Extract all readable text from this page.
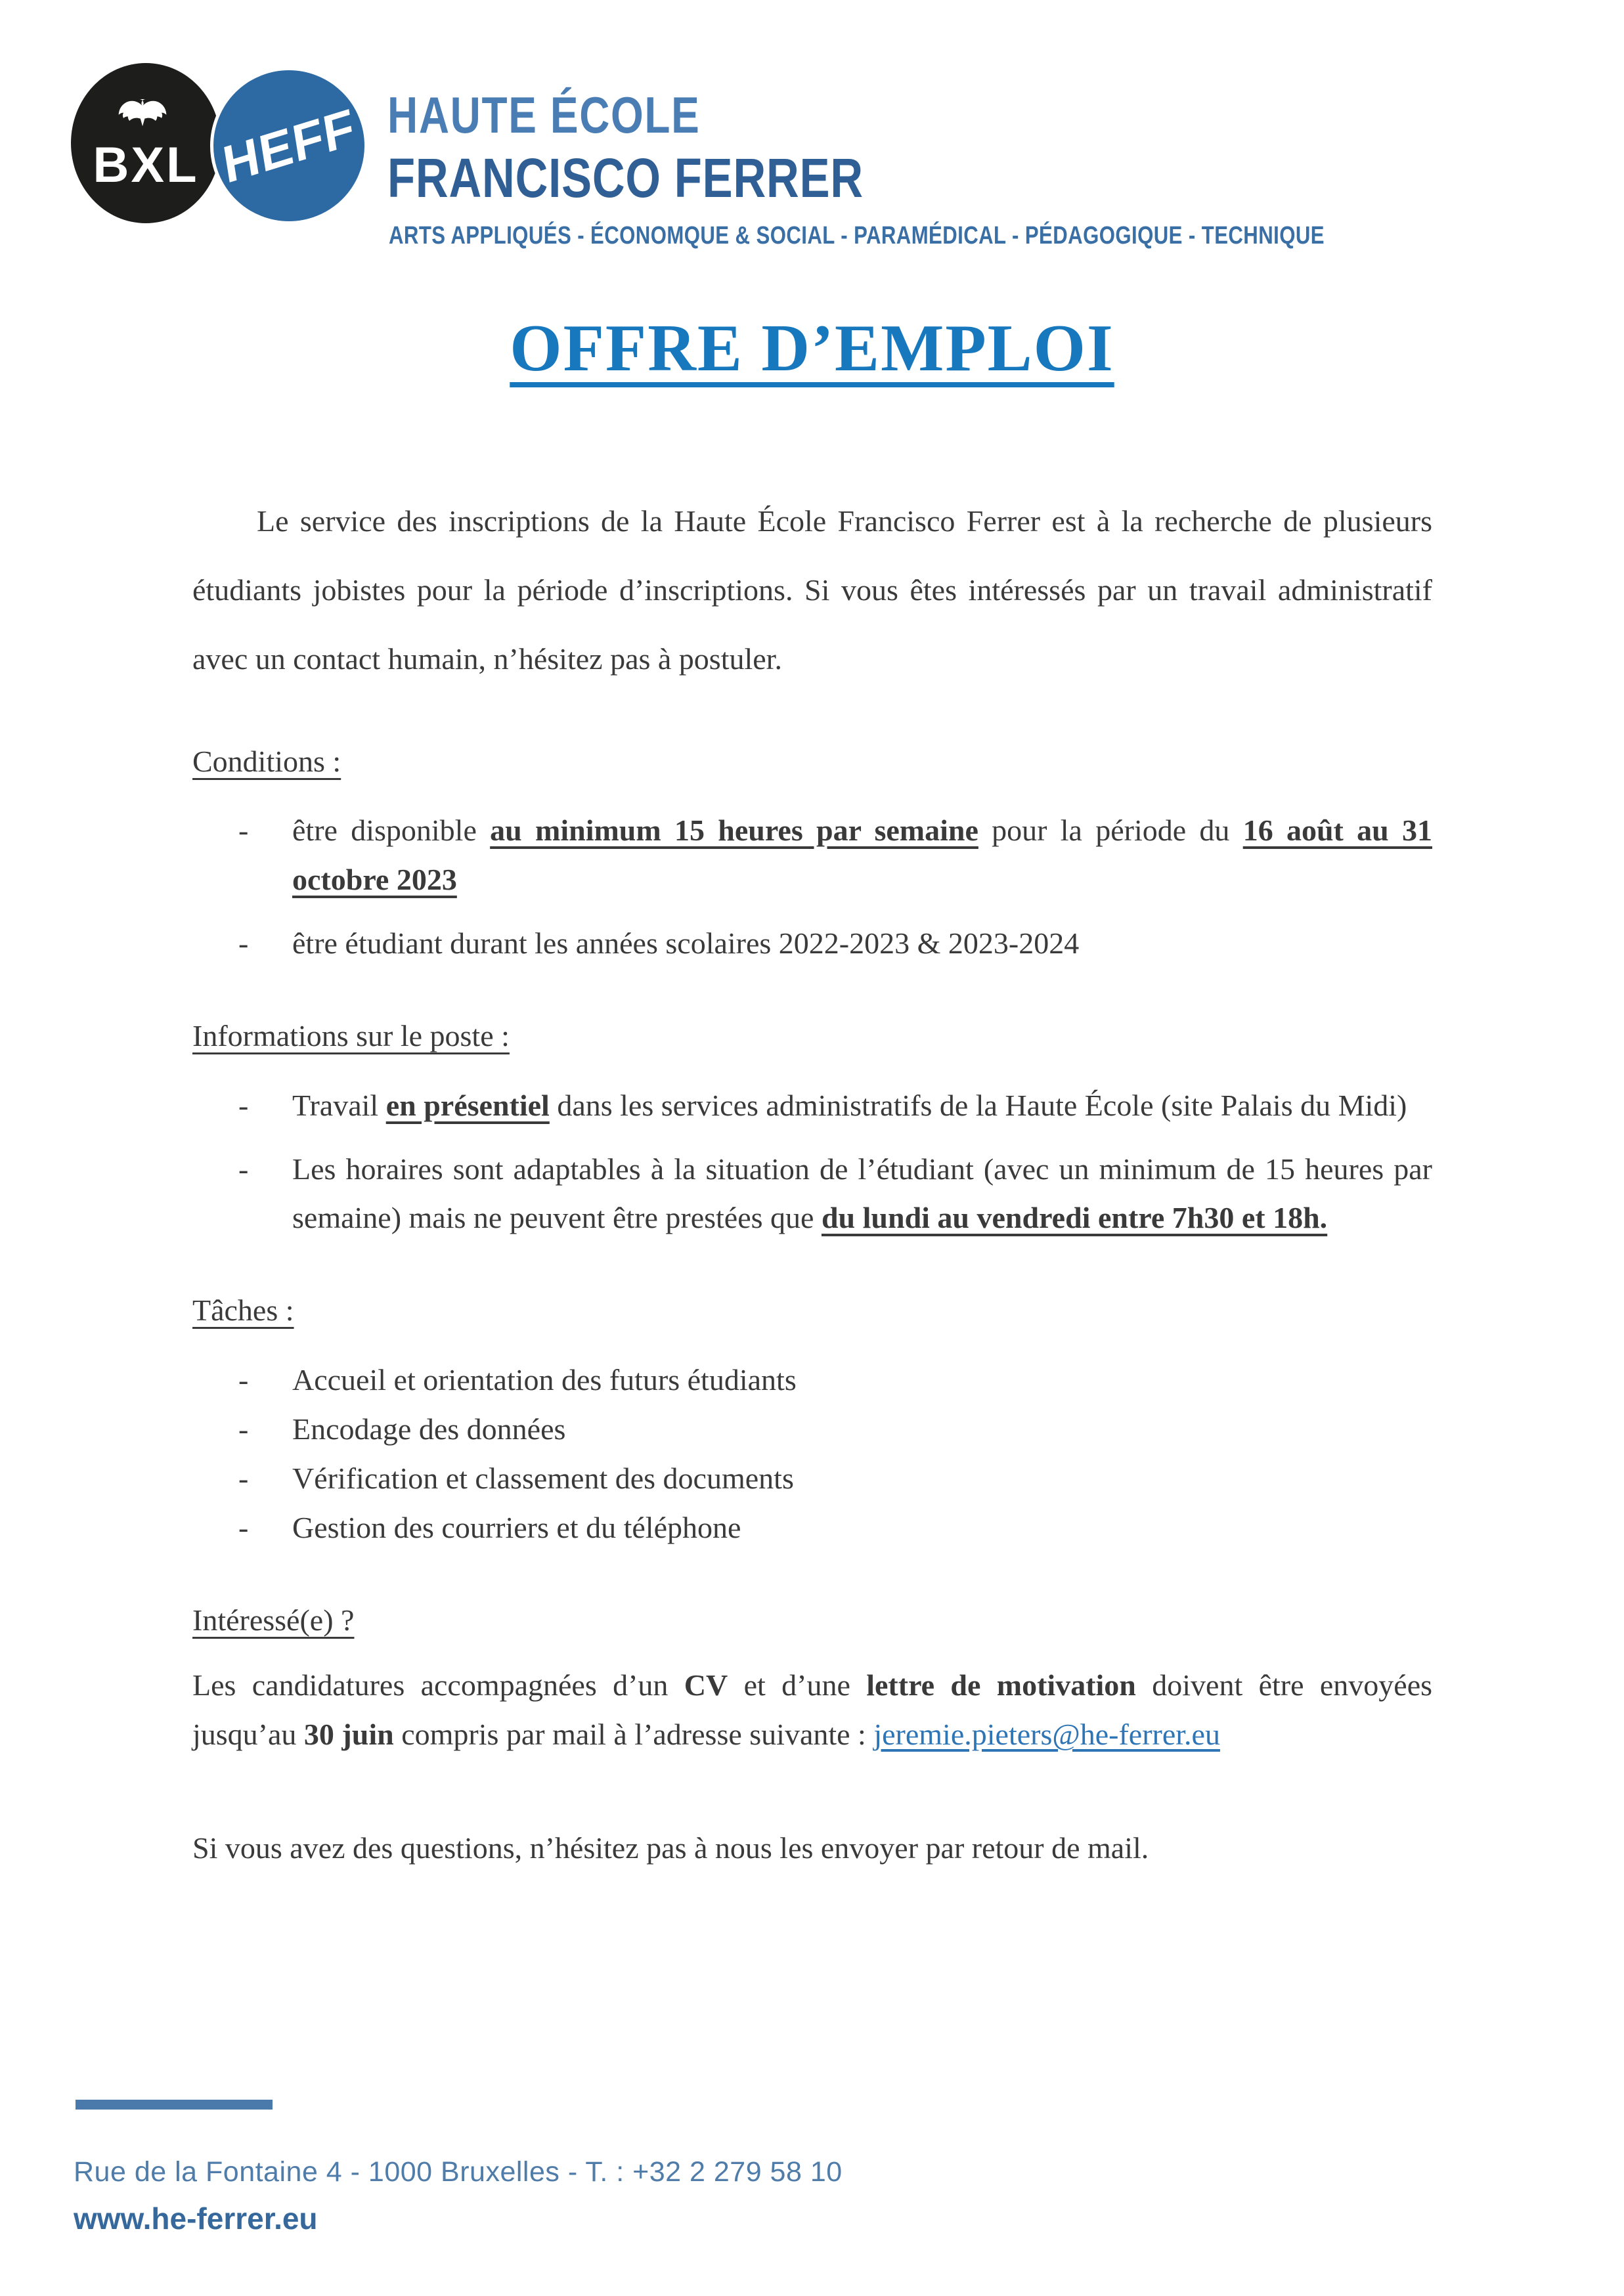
BXL HEFF HAUTE ÉCOLE
FRANCISCO FERRER
ARTS APPLIQUÉS - ÉCONOMQUE & SOCIAL - PARAMÉDICAL - PÉDAGOGIQUE - TECHNIQUE
OFFRE D’EMPLOI

Le service des inscriptions de la Haute École Francisco Ferrer est à la recherche de plusieurs étudiants jobistes pour la période d’inscriptions. Si vous êtes intéressés par un travail administratif avec un contact humain, n’hésitez pas à postuler.

Conditions :
- être disponible au minimum 15 heures par semaine pour la période du 16 août au 31 octobre 2023
- être étudiant durant les années scolaires 2022-2023 & 2023-2024
Informations sur le poste :
- Travail en présentiel dans les services administratifs de la Haute École (site Palais du Midi)
- Les horaires sont adaptables à la situation de l’étudiant (avec un minimum de 15 heures par semaine) mais ne peuvent être prestées que du lundi au vendredi entre 7h30 et 18h.
Tâches :
- Accueil et orientation des futurs étudiants
- Encodage des données
- Vérification et classement des documents
- Gestion des courriers et du téléphone
Intéressé(e) ?

Les candidatures accompagnées d’un CV et d’une lettre de motivation doivent être envoyées jusqu’au 30 juin compris par mail à l’adresse suivante : jeremie.pieters@he-ferrer.eu

Si vous avez des questions, n’hésitez pas à nous les envoyer par retour de mail.

Rue de la Fontaine 4 - 1000 Bruxelles - T. : +32 2 279 58 10
www.he-ferrer.eu
